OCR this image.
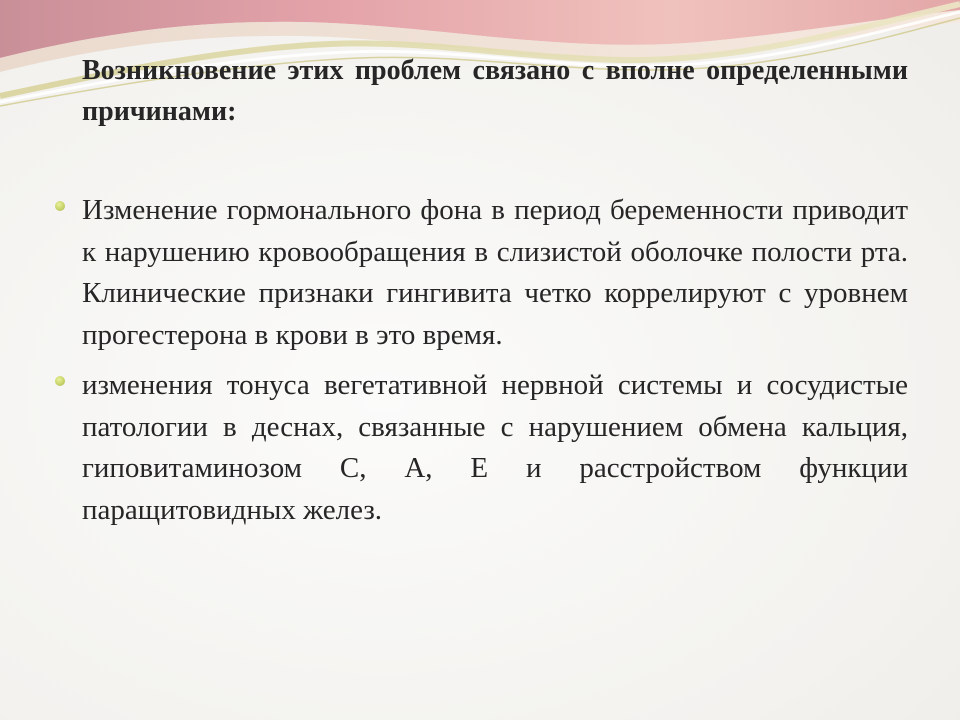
Возникновение этих проблем связано с вполне определенными причинами:

Изменение гормонального фона в период беременности приводит к нарушению кровообращения в слизистой оболочке полости рта. Клинические признаки гингивита четко коррелируют с уровнем прогестерона в крови в это время.
изменения тонуса вегетативной нервной системы и сосудистые патологии в деснах, связанные с нарушением обмена кальция, гиповитаминозом С, А, Е и расстройством функции паращитовидных желез.
